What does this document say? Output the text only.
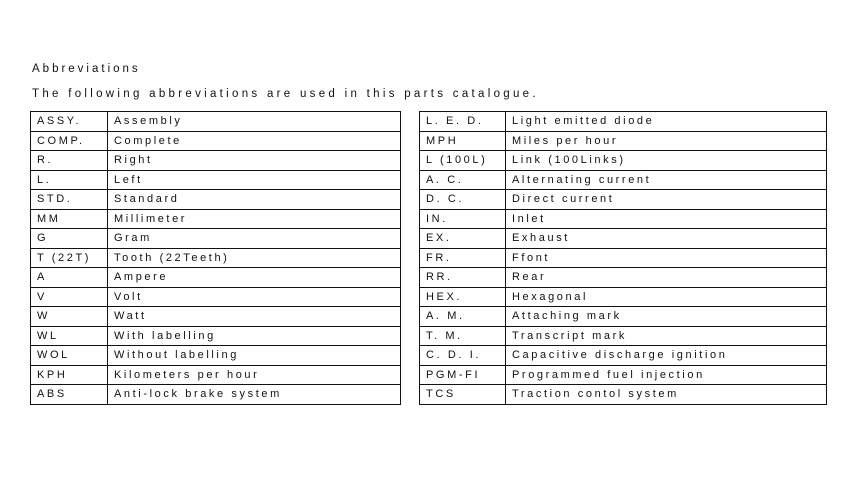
Abbreviations
The following abbreviations are used in this parts catalogue.
ASSY.	Assembly
COMP.	Complete
R.	Right
L.	Left
STD.	Standard
MM	Millimeter
G	Gram
T (22T)	Tooth (22Teeth)
A	Ampere
V	Volt
W	Watt
WL	With labelling
WOL	Without labelling
KPH	Kilometers per hour
ABS	Anti-lock brake system
L. E. D.	Light emitted diode
MPH	Miles per hour
L (100L)	Link (100Links)
A. C.	Alternating current
D. C.	Direct current
IN.	Inlet
EX.	Exhaust
FR.	Ffont
RR.	Rear
HEX.	Hexagonal
A. M.	Attaching mark
T. M.	Transcript mark
C. D. I.	Capacitive discharge ignition
PGM-FI	Programmed fuel injection
TCS	Traction contol system
